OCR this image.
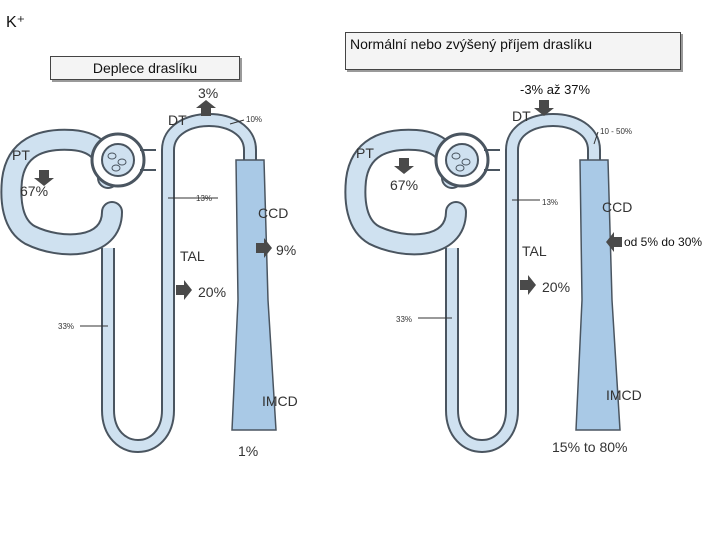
K⁺
Deplece draslíku
Normální nebo zvýšený příjem draslíku
3%
DT	10%
PT
67%	13%
CCD
9%
TAL
20%
33%
IMCD
1%
-3% až 37%
DT
10 - 50%
PT
67%
13%	CCD
od 5% do 30%
TAL
20%
33%
IMCD
15% to 80%
